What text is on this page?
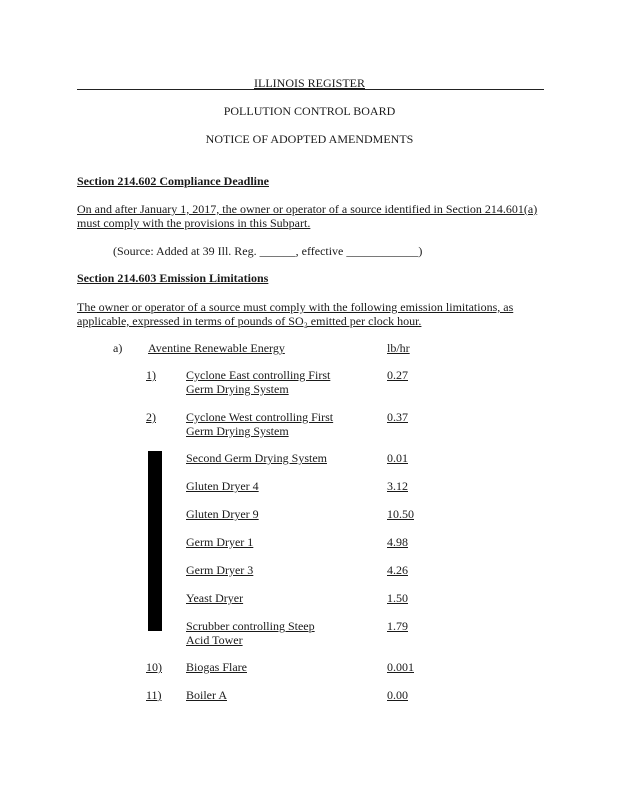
ILLINOIS REGISTER
POLLUTION CONTROL BOARD
NOTICE OF ADOPTED AMENDMENTS
Section 214.602 Compliance Deadline
On and after January 1, 2017, the owner or operator of a source identified in Section 214.601(a)
must comply with the provisions in this Subpart.
(Source: Added at 39 Ill. Reg. ______, effective ____________)
Section 214.603 Emission Limitations
The owner or operator of a source must comply with the following emission limitations, as
applicable, expressed in terms of pounds of SO₂ emitted per clock hour.
a) Aventine Renewable Energy	lb/hr
1)	Cyclone East controlling First
Germ Drying System
0.27
2)	Cyclone West controlling First
Germ Drying System
0.37
Second Germ Drying System	0.01
Gluten Dryer 4	3.12
Gluten Dryer 9	10.50
Germ Dryer 1	4.98
Germ Dryer 3	4.26
Yeast Dryer	1.50
Scrubber controlling Steep
Acid Tower
1.79
10)	Biogas Flare	0.001
11)	Boiler A	0.00
